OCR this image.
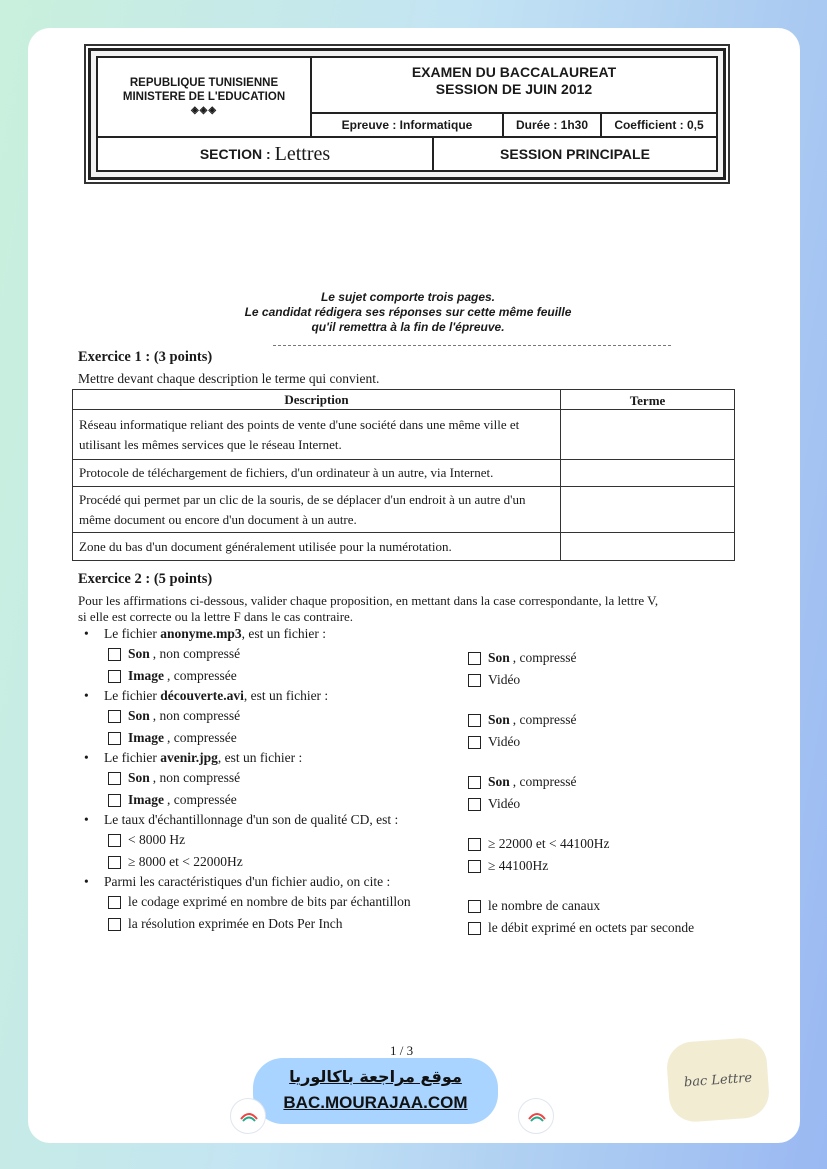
REPUBLIQUE TUNISIENNE
MINISTERE DE L'EDUCATION
◈◈◈
EXAMEN DU BACCALAUREAT
SESSION DE JUIN 2012
Epreuve :
Informatique	Durée : 1h30	Coefficient : 0,5
SECTION : Lettres	SESSION PRINCIPALE
Le sujet comporte trois pages.
Le candidat rédigera ses réponses sur cette même feuille
qu'il remettra à la fin de l'épreuve.
Exercice 1 : (3 points)
Mettre devant chaque description le terme qui convient.
Description	Terme
Réseau informatique reliant des points de vente d'une société dans une même ville et utilisant les mêmes services que le réseau Internet.	
Protocole de téléchargement de fichiers, d'un ordinateur à un autre, via Internet.	
Procédé qui permet par un clic de la souris, de se déplacer d'un endroit à un autre d'un même document ou encore d'un document à un autre.	
Zone du bas d'un document généralement utilisée pour la numérotation.	
Exercice 2 : (5 points)
Pour les affirmations ci-dessous, valider chaque proposition, en mettant dans la case correspondante, la lettre V,
si elle est correcte ou la lettre F dans le cas contraire.
• Le fichier anonyme.mp3, est un fichier :
Son , non compressé	Son , compressé
Image , compressée	Vidéo
• Le fichier découverte.avi, est un fichier :
Son , non compressé	Son , compressé
Image , compressée	Vidéo
• Le fichier avenir.jpg, est un fichier :
Son , non compressé	Son , compressé
Image , compressée	Vidéo
• Le taux d'échantillonnage d'un son de qualité CD, est :
< 8000 Hz	≥ 22000 et < 44100Hz
≥ 8000 et < 22000Hz	≥ 44100Hz
• Parmi les caractéristiques d'un fichier audio, on cite :
le codage exprimé en nombre de bits par échantillon	le nombre de canaux
la résolution exprimée en Dots Per Inch	le débit exprimé en octets par seconde
1 / 3
موقع مراجعة باكالوريا
BAC.MOURAJAA.COM
bac Lettre
